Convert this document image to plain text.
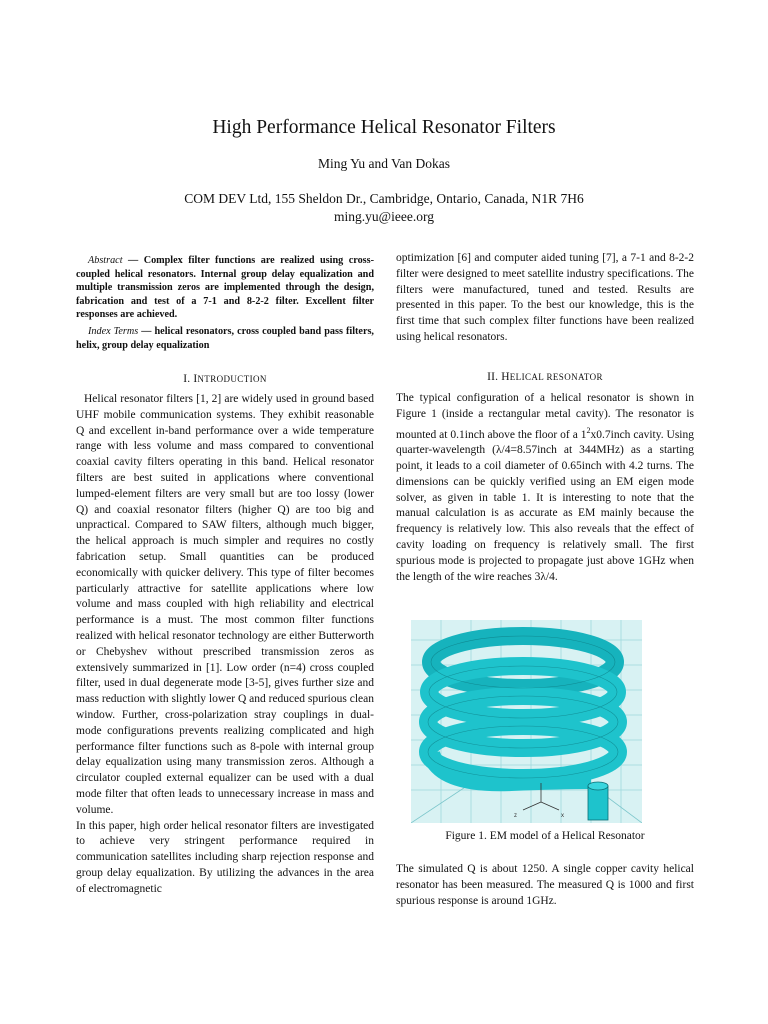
High Performance Helical Resonator Filters
Ming Yu and Van Dokas
COM DEV Ltd, 155 Sheldon Dr., Cambridge, Ontario, Canada, N1R 7H6
ming.yu@ieee.org

Abstract — Complex filter functions are realized using cross-coupled helical resonators. Internal group delay equalization and multiple transmission zeros are implemented through the design, fabrication and test of a 7-1 and 8-2-2 filter. Excellent filter responses are achieved.

Index Terms — helical resonators, cross coupled band pass filters, helix, group delay equalization

optimization [6] and computer aided tuning [7], a 7-1 and 8-2-2 filter were designed to meet satellite industry specifications. The filters were manufactured, tuned and tested. Results are presented in this paper. To the best our knowledge, this is the first time that such complex filter functions have been realized using helical resonators.

I. INTRODUCTION

Helical resonator filters [1, 2] are widely used in ground based UHF mobile communication systems. They exhibit reasonable Q and excellent in-band performance over a wide temperature range with less volume and mass compared to conventional coaxial cavity filters operating in this band. Helical resonator filters are best suited in applications where conventional lumped-element filters are very small but are too lossy (lower Q) and coaxial resonator filters (higher Q) are too big and unpractical. Compared to SAW filters, although much bigger, the helical approach is much simpler and requires no costly fabrication setup. Small quantities can be produced economically with quicker delivery. This type of filter becomes particularly attractive for satellite applications where low volume and mass coupled with high reliability and electrical performance is a must. The most common filter functions realized with helical resonator technology are either Butterworth or Chebyshev without prescribed transmission zeros as extensively summarized in [1]. Low order (n=4) cross coupled filter, used in dual degenerate mode [3-5], gives further size and mass reduction with slightly lower Q and reduced spurious clean window. Further, cross-polarization stray couplings in dual-mode configurations prevents realizing complicated and high performance filter functions such as 8-pole with internal group delay equalization using many transmission zeros. Although a circulator coupled external equalizer can be used with a dual mode filter that often leads to unnecessary increase in mass and volume.

In this paper, high order helical resonator filters are investigated to achieve very stringent performance required in communication satellites including sharp rejection response and group delay equalization. By utilizing the advances in the area of electromagnetic

II. HELICAL RESONATOR

The typical configuration of a helical resonator is shown in Figure 1 (inside a rectangular metal cavity). The resonator is mounted at 0.1inch above the floor of a $1^2x0.7inch$ cavity. Using quarter-wavelength (λ/4=8.57inch at 344MHz) as a starting point, it leads to a coil diameter of 0.65inch with 4.2 turns. The dimensions can be quickly verified using an EM eigen mode solver, as given in table 1. It is interesting to note that the manual calculation is as accurate as EM mainly because the frequency is relatively low. This also reveals that the effect of cavity loading on frequency is relatively small. The first spurious mode is projected to propagate just above 1GHz when the length of the wire reaches 3λ/4.

z	x
Figure 1. EM model of a Helical Resonator

The simulated Q is about 1250. A single copper cavity helical resonator has been measured. The measured Q is 1000 and first spurious response is around 1GHz.
